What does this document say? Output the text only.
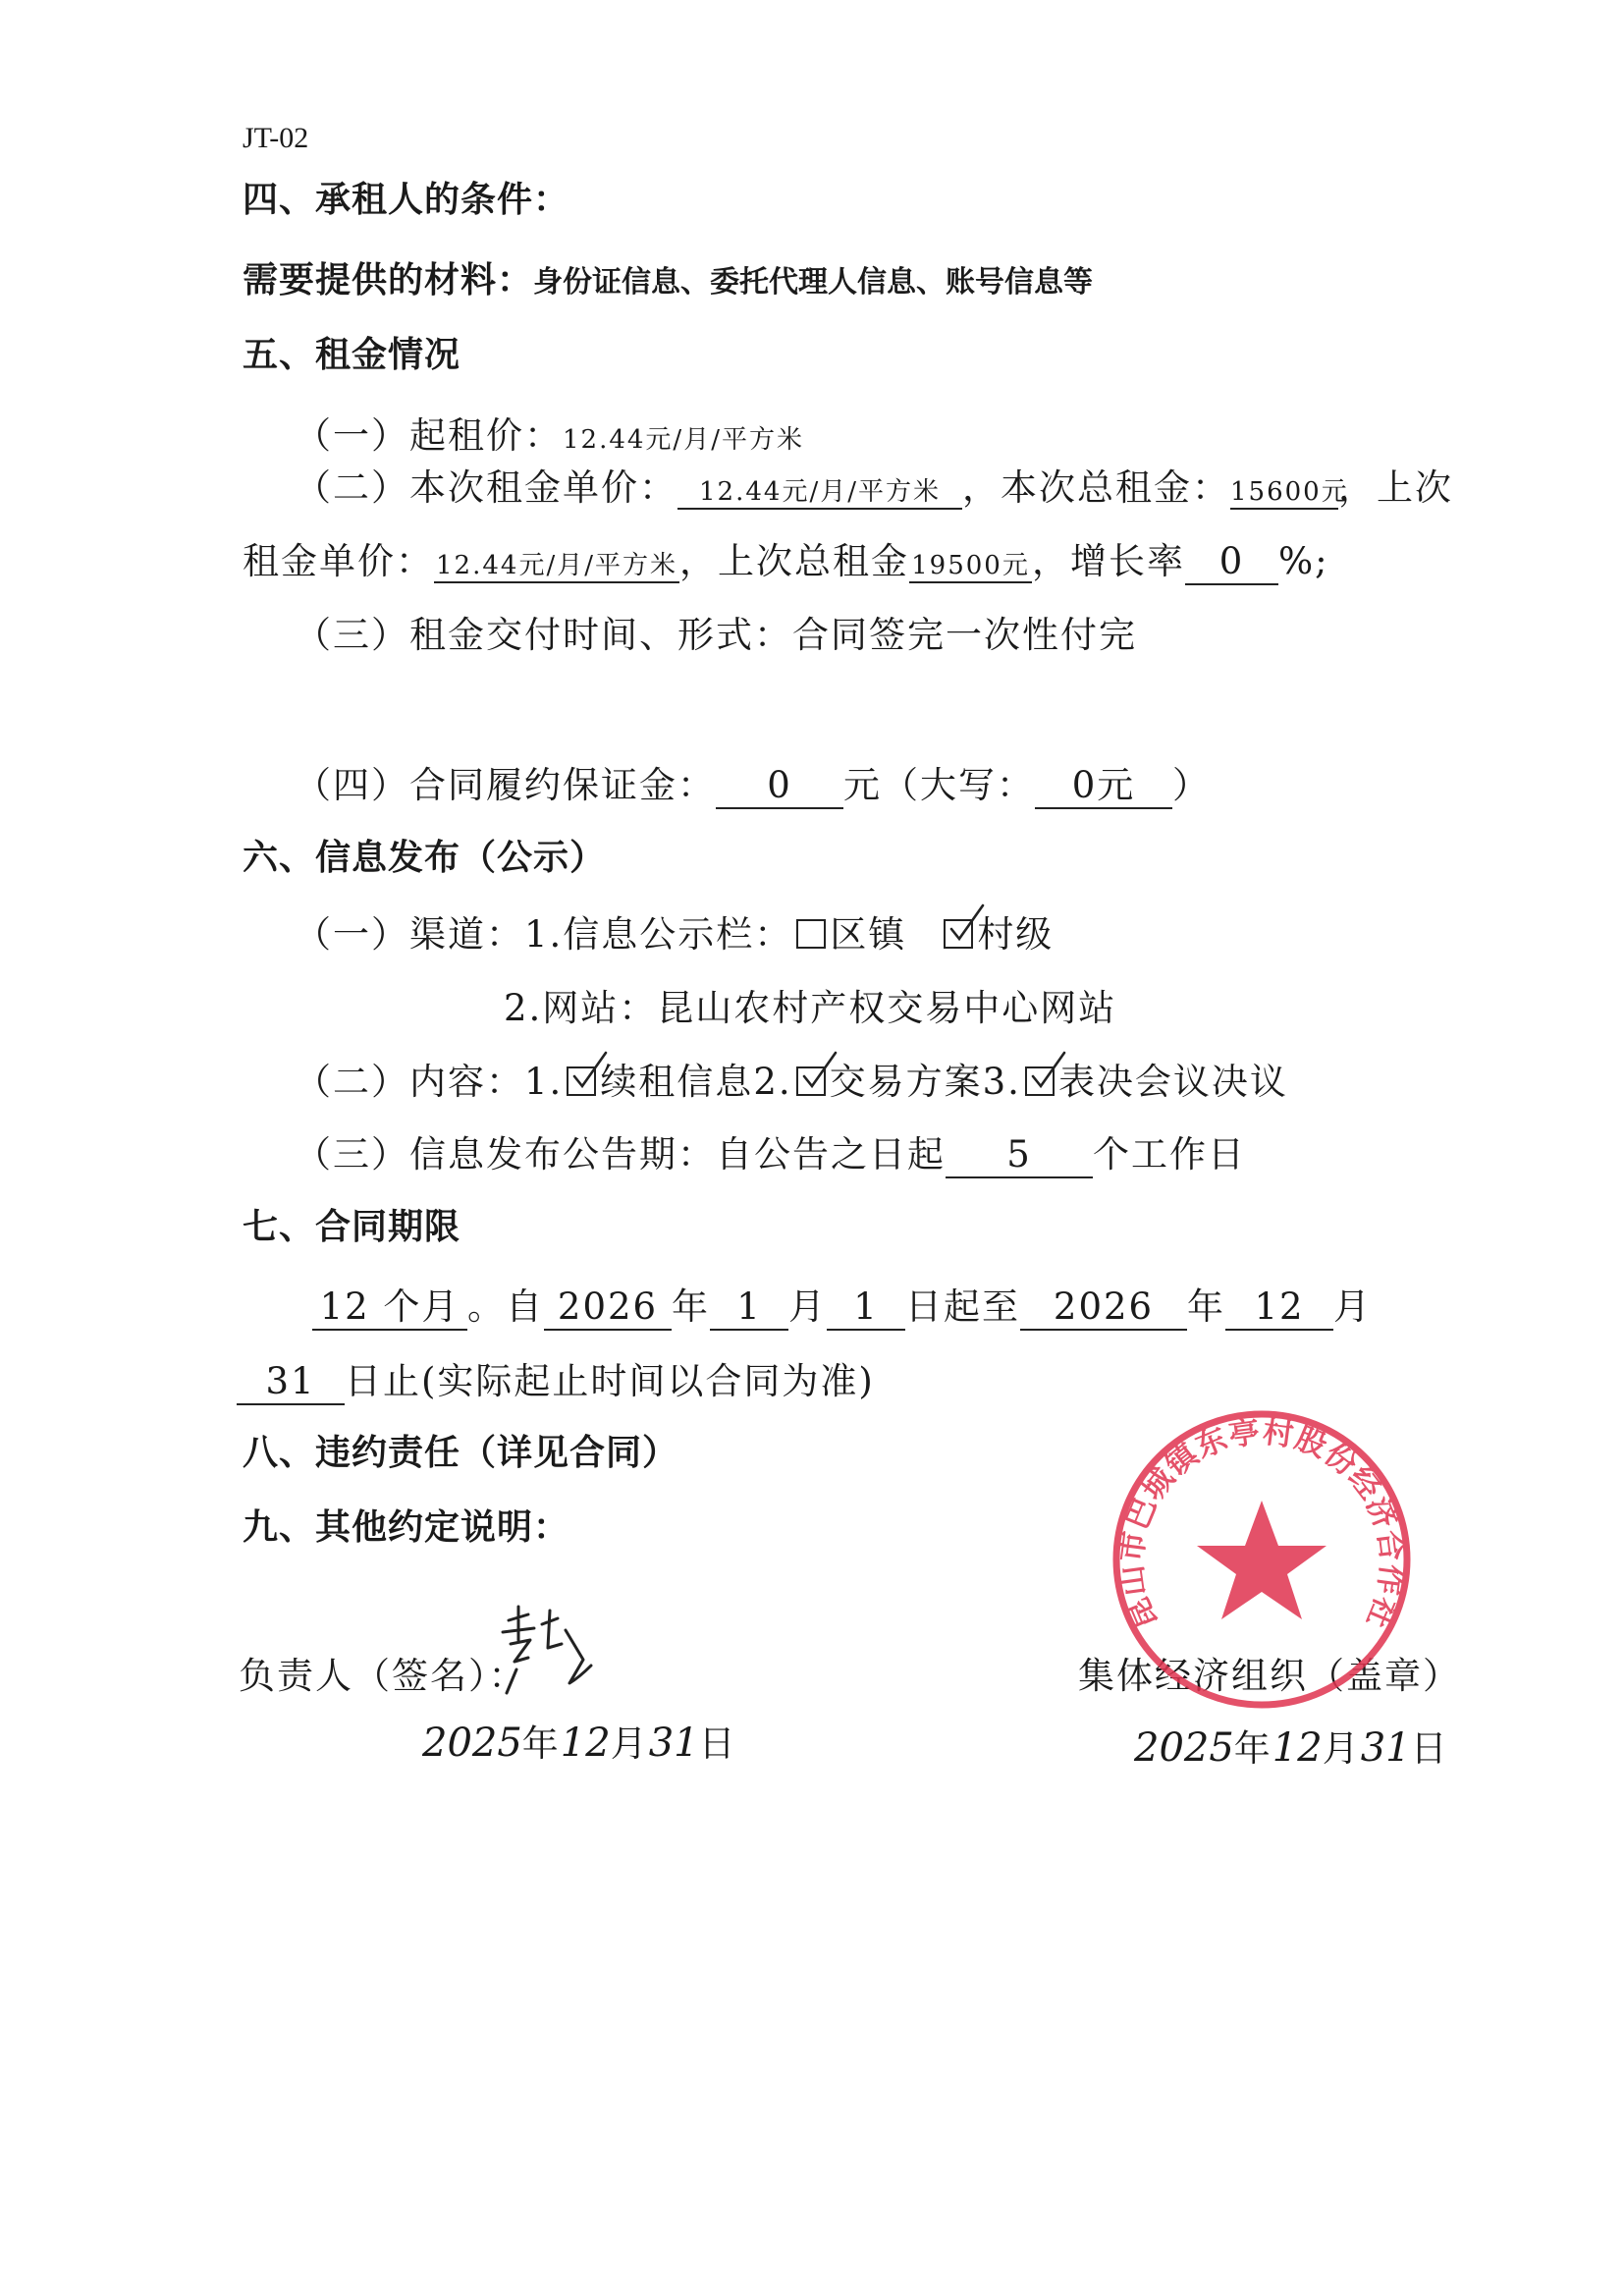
JT-02
四、承租人的条件：
需要提供的材料：身份证信息、委托代理人信息、账号信息等
五、租金情况
（一）起租价：12.44元/月/平方米
（二）本次租金单价： 12.44元/月/平方米 ，本次总租金：15600元，上次
租金单价：12.44元/月/平方米，上次总租金19500元，增长率 0 %;
（三）租金交付时间、形式：合同签完一次性付完
（四）合同履约保证金： 0 元（大写： 0元 ）
六、信息发布（公示）
（一）渠道：1.信息公示栏： 区镇 村级
2.网站：昆山农村产权交易中心网站
（二）内容：1. 续租信息2. 交易方案3. 表决会议决议
（三）信息发布公告期：自公告之日起 5 个工作日
七、合同期限
12 个月 。自 2026 年 1 月 1 日起至 2026 年 12 月
31 日止(实际起止时间以合同为准)
八、违约责任（详见合同）
九、其他约定说明：
负责人（签名）：
2025年12月31日
集体经济组织（盖章）
2025年12月31日
昆山市巴城镇东亭村股份经济合作社
